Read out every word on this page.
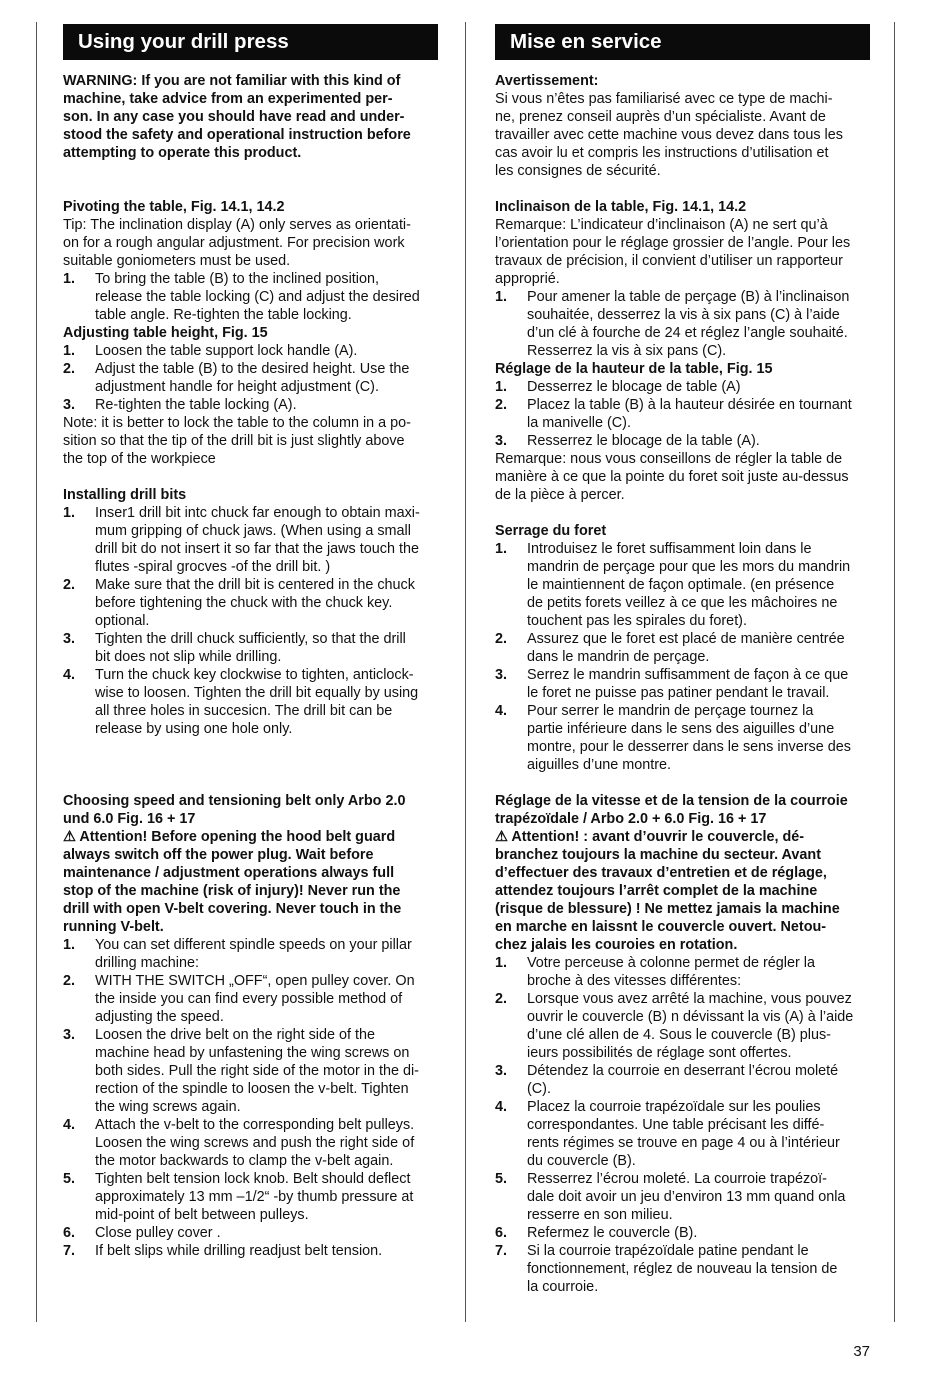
Using your drill press
WARNING: If you are not familiar with this kind of
machine, take advice from an experimented per-
son. In any case you should have read and under-
stood the safety and operational instruction before
attempting to operate this product.
Pivoting the table, Fig. 14.1, 14.2
Tip: The inclination display (A) only serves as orientati-
on for a rough angular adjustment. For precision work
suitable goniometers must be used.
1. To bring the table (B) to the inclined position,
release the table locking (C) and adjust the desired
table angle. Re-tighten the table locking.
Adjusting table height, Fig. 15
1. Loosen the table support lock handle (A).
2. Adjust the table (B) to the desired height. Use the
adjustment handle for height adjustment (C).
3. Re-tighten the table locking (A).
Note: it is better to lock the table to the column in a po-
sition so that the tip of the drill bit is just slightly above
the top of the workpiece
Installing drill bits
1. Inser1 drill bit intc chuck far enough to obtain maxi-
mum gripping of chuck jaws. (When using a small
drill bit do not insert it so far that the jaws touch the
flutes -spiral grocves -of the drill bit. )
2. Make sure that the drill bit is centered in the chuck
before tightening the chuck with the chuck key.
optional.
3. Tighten the drill chuck sufficiently, so that the drill
bit does not slip while drilling.
4. Turn the chuck key clockwise to tighten, anticlock-
wise to loosen. Tighten the drill bit equally by using
all three holes in succesicn. The drill bit can be
release by using one hole only.
Choosing speed and tensioning belt only Arbo 2.0
und 6.0 Fig. 16 + 17
⚠ Attention! Before opening the hood belt guard
always switch off the power plug. Wait before
maintenance / adjustment operations always full
stop of the machine (risk of injury)! Never run the
drill with open V-belt covering. Never touch in the
running V-belt.
1. You can set different spindle speeds on your pillar
drilling machine:
2. WITH THE SWITCH „OFF“, open pulley cover. On
the inside you can find every possible method of
adjusting the speed.
3. Loosen the drive belt on the right side of the
machine head by unfastening the wing screws on
both sides. Pull the right side of the motor in the di-
rection of the spindle to loosen the v-belt. Tighten
the wing screws again.
4. Attach the v-belt to the corresponding belt pulleys.
Loosen the wing screws and push the right side of
the motor backwards to clamp the v-belt again.
5. Tighten belt tension lock knob. Belt should deflect
approximately 13 mm –1/2“ -by thumb pressure at
mid-point of belt between pulleys.
6. Close pulley cover .
7. If belt slips while drilling readjust belt tension.
Mise en service
Avertissement:
Si vous n’êtes pas familiarisé avec ce type de machi-
ne, prenez conseil auprès d’un spécialiste. Avant de
travailler avec cette machine vous devez dans tous les
cas avoir lu et compris les instructions d’utilisation et
les consignes de sécurité.
Inclinaison de la table, Fig. 14.1, 14.2
Remarque: L’indicateur d’inclinaison (A) ne sert qu’à
l’orientation pour le réglage grossier de l’angle. Pour les
travaux de précision, il convient d’utiliser un rapporteur
approprié.
1. Pour amener la table de perçage (B) à l’inclinaison
souhaitée, desserrez la vis à six pans (C) à l’aide
d’un clé à fourche de 24 et réglez l’angle souhaité.
Resserrez la vis à six pans (C).
Réglage de la hauteur de la table, Fig. 15
1. Desserrez le blocage de table (A)
2. Placez la table (B) à la hauteur désirée en tournant
la manivelle (C).
3. Resserrez le blocage de la table (A).
Remarque: nous vous conseillons de régler la table de
manière à ce que la pointe du foret soit juste au-dessus
de la pièce à percer.
Serrage du foret
1. Introduisez le foret suffisamment loin dans le
mandrin de perçage pour que les mors du mandrin
le maintiennent de façon optimale. (en présence
de petits forets veillez à ce que les mâchoires ne
touchent pas les spirales du foret).
2. Assurez que le foret est placé de manière centrée
dans le mandrin de perçage.
3. Serrez le mandrin suffisamment de façon à ce que
le foret ne puisse pas patiner pendant le travail.
4. Pour serrer le mandrin de perçage tournez la
partie inférieure dans le sens des aiguilles d’une
montre, pour le desserrer dans le sens inverse des
aiguilles d’une montre.
Réglage de la vitesse et de la tension de la courroie
trapézoïdale / Arbo 2.0 + 6.0 Fig. 16 + 17
⚠ Attention! : avant d’ouvrir le couvercle, dé-
branchez toujours la machine du secteur. Avant
d’effectuer des travaux d’entretien et de réglage,
attendez toujours l’arrêt complet de la machine
(risque de blessure) ! Ne mettez jamais la machine
en marche en laissnt le couvercle ouvert. Netou-
chez jalais les couroies en rotation.
1. Votre perceuse à colonne permet de régler la
broche à des vitesses différentes:
2. Lorsque vous avez arrêté la machine, vous pouvez
ouvrir le couvercle (B) n dévissant la vis (A) à l’aide
d’une clé allen de 4. Sous le couvercle (B) plus-
ieurs possibilités de réglage sont offertes.
3. Détendez la courroie en deserrant l’écrou moleté
(C).
4. Placez la courroie trapézoïdale sur les poulies
correspondantes. Une table précisant les diffé-
rents régimes se trouve en page 4 ou à l’intérieur
du couvercle (B).
5. Resserrez l’écrou moleté. La courroie trapézoï-
dale doit avoir un jeu d’environ 13 mm quand onla
resserre en son milieu.
6. Refermez le couvercle (B).
7. Si la courroie trapézoïdale patine pendant le
fonctionnement, réglez de nouveau la tension de
la courroie.
37
